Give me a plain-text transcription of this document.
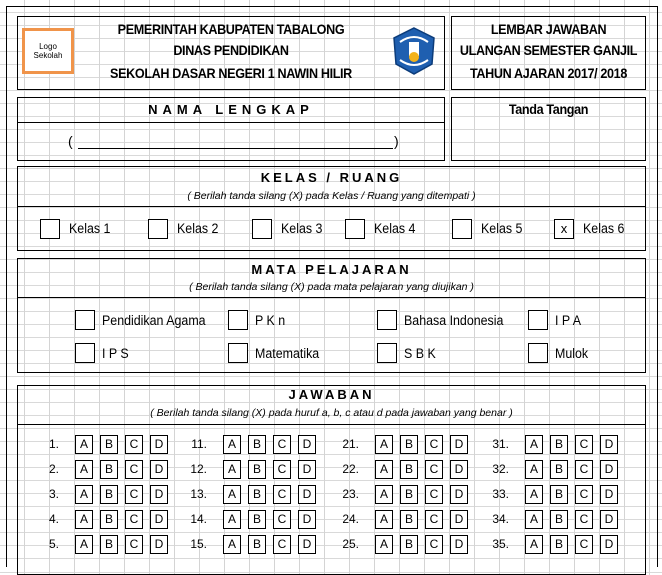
PEMERINTAH KABUPATEN TABALONG
DINAS PENDIDIKAN
SEKOLAH DASAR NEGERI 1 NAWIN HILIR
Logo Sekolah
LEMBAR JAWABAN
ULANGAN SEMESTER GANJIL
TAHUN AJARAN 2017/ 2018
NAMA LENGKAP
(	)
Tanda Tangan
KELAS / RUANG
( Berilah tanda silang (X) pada Kelas / Ruang yang ditempati )
Kelas 1	Kelas 2	Kelas 3	Kelas 4	Kelas 5	x	Kelas 6
MATA PELAJARAN
( Berilah tanda silang (X) pada mata pelajaran yang diujikan )
Pendidikan Agama	P K n	Bahasa Indonesia	I P A
I P S	Matematika	S B K	Mulok
JAWABAN
( Berilah tanda silang (X) pada huruf a, b, c atau d pada jawaban yang benar )
1.	A	B	C	D
2.	A	B	C	D
3.	A	B	C	D
4.	A	B	C	D
5.	A	B	C	D
11.	A	B	C	D
12.	A	B	C	D
13.	A	B	C	D
14.	A	B	C	D
15.	A	B	C	D
21.	A	B	C	D
22.	A	B	C	D
23.	A	B	C	D
24.	A	B	C	D
25.	A	B	C	D
31.	A	B	C	D
32.	A	B	C	D
33.	A	B	C	D
34.	A	B	C	D
35.	A	B	C	D
